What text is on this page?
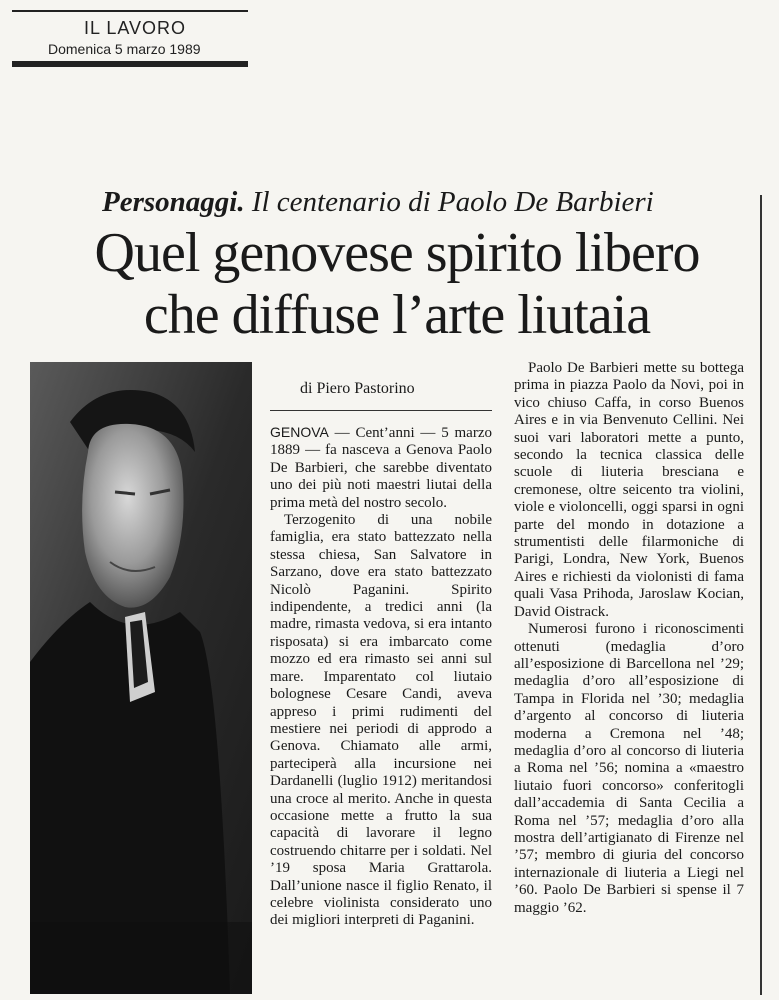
IL LAVORO
Domenica 5 marzo 1989
Personaggi. Il centenario di Paolo De Barbieri
Quel genovese spirito libero
che diffuse l’arte liutaia
di Piero Pastorino

GENOVA — Cent’anni — 5 marzo 1889 — fa nasceva a Genova Paolo De Barbieri, che sarebbe diventato uno dei più noti maestri liutai della prima metà del nostro secolo.

Terzogenito di una nobile famiglia, era stato battezzato nella stessa chiesa, San Salvatore in Sarzano, dove era stato battezzato Nicolò Paganini. Spirito indipendente, a tredici anni (la madre, rimasta vedova, si era intanto risposata) si era imbarcato come mozzo ed era rimasto sei anni sul mare. Imparentato col liutaio bolognese Cesare Candi, aveva appreso i primi rudimenti del mestiere nei periodi di approdo a Genova. Chiamato alle armi, parteciperà alla incursione nei Dardanelli (luglio 1912) meritandosi una croce al merito. Anche in questa occasione mette a frutto la sua capacità di lavorare il legno costruendo chitarre per i soldati. Nel ’19 sposa Maria Grattarola. Dall’unione nasce il figlio Renato, il celebre violinista considerato uno dei migliori interpreti di Paganini.

Paolo De Barbieri mette su bottega prima in piazza Paolo da Novi, poi in vico chiuso Caffa, in corso Buenos Aires e in via Benvenuto Cellini. Nei suoi vari laboratori mette a punto, secondo la tecnica classica delle scuole di liuteria bresciana e cremonese, oltre seicento tra violini, viole e violoncelli, oggi sparsi in ogni parte del mondo in dotazione a strumentisti delle filarmoniche di Parigi, Londra, New York, Buenos Aires e richiesti da violonisti di fama quali Vasa Prihoda, Jaroslaw Kocian, David Oistrack.

Numerosi furono i riconoscimenti ottenuti (medaglia d’oro all’esposizione di Barcellona nel ’29; medaglia d’oro all’esposizione di Tampa in Florida nel ’30; medaglia d’argento al concorso di liuteria moderna a Cremona nel ’48; medaglia d’oro al concorso di liuteria a Roma nel ’56; nomina a «maestro liutaio fuori concorso» conferitogli dall’accademia di Santa Cecilia a Roma nel ’57; medaglia d’oro alla mostra dell’artigianato di Firenze nel ’57; membro di giuria del concorso internazionale di liuteria a Liegi nel ’60. Paolo De Barbieri si spense il 7 maggio ’62.
